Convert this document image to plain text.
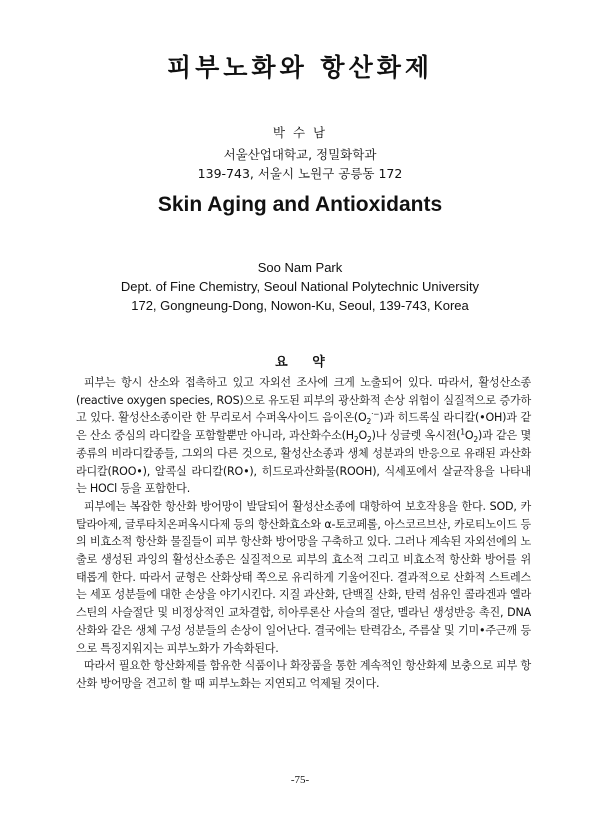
피부노화와 항산화제
박 수 남
서울산업대학교, 정밀화학과
139-743, 서울시 노원구 공릉동 172
Skin Aging and Antioxidants
Soo Nam Park
Dept. of Fine Chemistry, Seoul National Polytechnic University
172, Gongneung-Dong, Nowon-Ku, Seoul, 139-743, Korea
요 약

피부는 항시 산소와 접촉하고 있고 자외선 조사에 크게 노출되어 있다. 따라서, 활성산소종(reactive oxygen species, ROS)으로 유도된 피부의 광산화적 손상 위험이 실질적으로 증가하고 있다. 활성산소종이란 한 무리로서 수퍼옥사이드 음이온$(O_2^{\cdot-})$과 히드록실 라디칼(•OH)과 같은 산소 중심의 라디칼을 포함할뿐만 아니라, 과산화수소$(H_2O_2)$나 싱글렛 옥시젼$(^1O_2)$과 같은 몇 종류의 비라디칼종들, 그외의 다른 것으로, 활성산소종과 생체 성분과의 반응으로 유래된 과산화 라디칼(ROO•), 알콕실 라디칼(RO•), 히드로과산화물(ROOH), 식세포에서 살균작용을 나타내는 HOCl 등을 포함한다.

피부에는 복잡한 항산화 방어망이 발달되어 활성산소종에 대항하여 보호작용을 한다. SOD, 카탈라아제, 글루타치온퍼옥시다제 등의 항산화효소와 α-토코페롤, 아스코르브산, 카로티노이드 등의 비효소적 항산화 물질들이 피부 항산화 방어망을 구축하고 있다. 그러나 계속된 자외선에의 노출로 생성된 과잉의 활성산소종은 실질적으로 피부의 효소적 그리고 비효소적 항산화 방어를 위태롭게 한다. 따라서 균형은 산화상태 쪽으로 유리하게 기울어진다. 결과적으로 산화적 스트레스는 세포 성분들에 대한 손상을 야기시킨다. 지질 과산화, 단백질 산화, 탄력 섬유인 콜라겐과 엘라스틴의 사슬절단 및 비정상적인 교차결합, 히아루론산 사슬의 절단, 멜라닌 생성반응 촉진, DNA 산화와 같은 생체 구성 성분들의 손상이 일어난다. 결국에는 탄력감소, 주름살 및 기미•주근깨 등으로 특징지워지는 피부노화가 가속화된다.

따라서 필요한 항산화제를 함유한 식품이나 화장품을 통한 계속적인 항산화제 보충으로 피부 항산화 방어망을 견고히 할 때 피부노화는 지연되고 억제될 것이다.

-75-
